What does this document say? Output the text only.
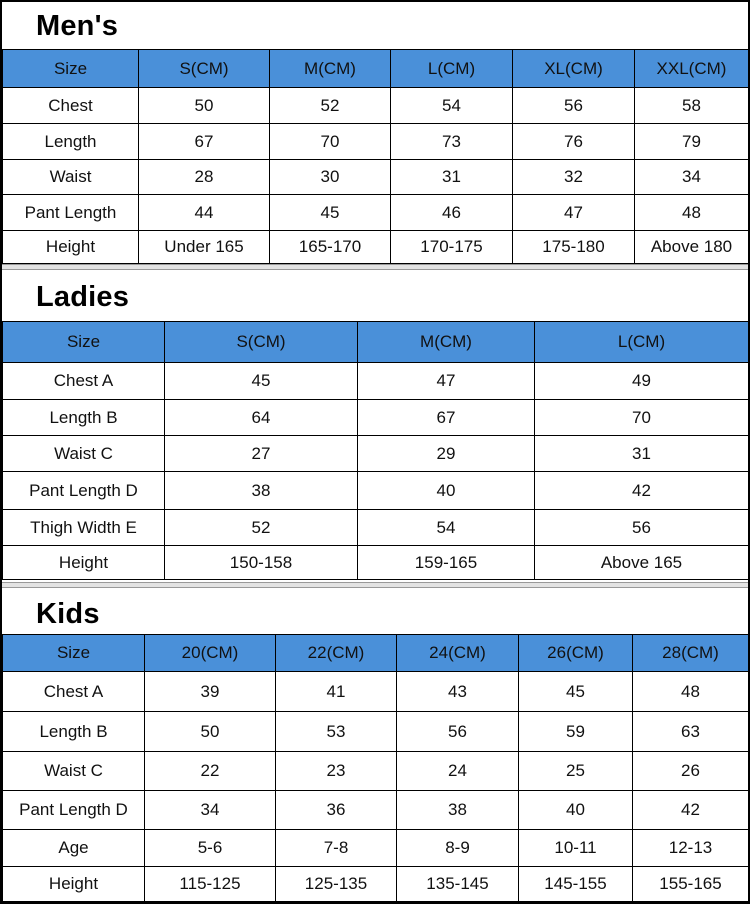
Men's
Size	S(CM)	M(CM)	L(CM)	XL(CM)	XXL(CM)
Chest	50	52	54	56	58
Length	67	70	73	76	79
Waist	28	30	31	32	34
Pant Length	44	45	46	47	48
Height	Under 165	165-170	170-175	175-180	Above 180
Ladies
Size	S(CM)	M(CM)	L(CM)
Chest A	45	47	49
Length B	64	67	70
Waist C	27	29	31
Pant Length D	38	40	42
Thigh Width E	52	54	56
Height	150-158	159-165	Above 165
Kids
Size	20(CM)	22(CM)	24(CM)	26(CM)	28(CM)
Chest A	39	41	43	45	48
Length B	50	53	56	59	63
Waist C	22	23	24	25	26
Pant Length D	34	36	38	40	42
Age	5-6	7-8	8-9	10-11	12-13
Height	115-125	125-135	135-145	145-155	155-165
